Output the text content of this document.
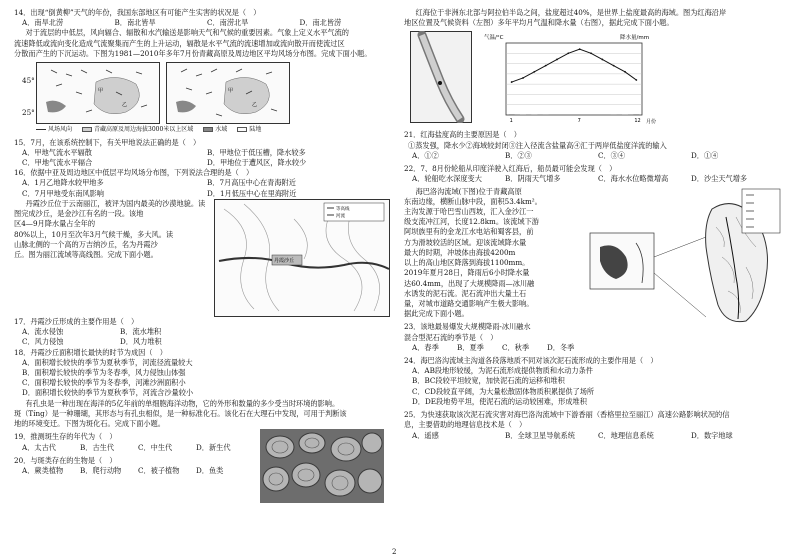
14．出现“倒黄柳”天气的年份，我国东部地区有可能产生实害的状况是（　）

A．南旱北涝	B．南北皆旱	C．南涝北旱	D．南北皆涝

对于流层的中低层，风向辐合、辐散和水汽输送是影响天气和气候的重要因素。气象上定义水平气流的

流速降低或流向变化造成气流聚集而产生的上升运动，辐散是水平气流的流速增加或流向散开而使流过区

分散而产生的下沉运动。下图为1981—2010年多年7月份青藏高原及周边地区平均风场分布图。完成下面小题。

45°
25°
甲
乙
甲
乙
风场风向	青藏高原及周边海拔3000米以上区域	水域	陆地

15．7月，在该系统控制下，有关甲地说法正确的是（　）

A．甲地气流水平辐散	B．甲地位于低压槽，降水较多
C．甲地气流水平辐合	D．甲地位于遭风区，降水较少

16．依据中亚及周边地区中低层平均风场分布图，下列说法合理的是（　）

A．1月乙地降水较甲地多	B．7月高压中心在青海附近
C．7月甲地受东南风影响	D．1月低压中心在里海附近

丹霞沙丘位于云南丽江，被评为国内最美的沙漠地貌。读

图完成沙丘，是金沙江有名的一段。该地

区4—9月降水量占全年的

80%以上，10月至次年3月气候干燥，多大风。读

山脉北侧的一个高的万吉纳沙丘，名为丹霞沙

丘。图为丽江流域等高线图。完成下面小题。

丹霞沙丘
等高线
河流

17．丹霞沙丘形成的主要作用是（　）

A．流水侵蚀	B．流水堆积
C．风力侵蚀	D．风力堆积

18．丹霞沙丘面积增长最快的时节为成因（　）

A．面积增长较快的季节为夏秋季节，河流径流量较大

B．面积增长较快的季节为冬春季，风力侵蚀山体强

C．面积增长较快的季节为冬春季，河滩沙洲面积小

D．面积增长较快的季节为夏秋季节，河流含沙量较小

有孔虫是一种出现在海洋的5亿年前的单细胞海洋动物，它的外形和数量的多少受当时环境的影响。

斑（Tíng）是一种珊瑚，其形态与有孔虫相似，是一种标准化石。该化石在大理石中发现，可用于判断该

地的环境变迁。下图为斑化石。完成下面小题。

19．推测斑生存的年代为（　）

A．太古代	B．古生代	C．中生代	D．新生代

20．与斑类存在的生物是（　）

A．蕨类植物	B．爬行动物	C．被子植物	D．鱼类

红海位于非洲东北部与阿拉伯半岛之间，盐度超过40%，是世界上盐度最高的海域。图为红海沿岸

地区位置及气候资料（左图）多年平均月气温和降水量（右图），据此完成下面小题。

气温/°C	降水量/mm
1	7	12 月份

21．红海盐度高的主要原因是（　）

①蒸发强，降水少②海域较封闭③注入径流含盐量高④汇于两岸低盐度洋流的输入

A．①②	B．②③	C．③④	D．①④

22．7、8月份轮船从印度洋驶入红海后，船员最可能会发现（　）

A．轮船吃水深度变大	B．阴雨天气增多	C．海水水位略微增高	D．沙尘天气增多

海巴洛沟流域(下图)位于青藏高原

东南边缘，横断山脉中段，面积53.4km²。

主沟发源于哈巴雪山西坡，汇入金沙江一

级支流冲江河，长度12.8km。该流域下游

阿坝族里有的金龙江水电站和蜀客县，前

方为滑坡较活的区域。迎该流域降水量

最大的时期，冲坡体由海拔4200m

以上的高山地区降落到海拔1100mm。

2019年夏月28日，降雨后6小时降水量

达60.4mm，出现了大规模降雨—冰川融

水诱发的泥石流。泥石流冲出大量土石

量，对城市道路交通影响产生极大影响。

据此完成下面小题。

23．该地最易爆发大规模降雨-冰川融水

混合型泥石流的季节是（　）

A．春季	B．夏季	C．秋季	D．冬季

24．海巴洛沟流域主沟道各段落地质不同对该次泥石流形成的主要作用是（　）

A．AB段地形较缓，为泥石流形成提供物质和水动力条件

B．BC段较平坦较宽，加快泥石流的运移和堆积

C．CD段较直平阔，为大量松散固体物质积累提供了场所

D．DE段地势平坦，使泥石流的运动较困难，形成堆积

25．为快速获取该次泥石流灾害对海巴洛沟流域中下游香丽（香格里拉至丽江）高速公路影响状况的信

息，主要借助的地理信息技术是（　）

A．遥感	B．全球卫星导航系统	C．地理信息系统	D．数字地球
2
